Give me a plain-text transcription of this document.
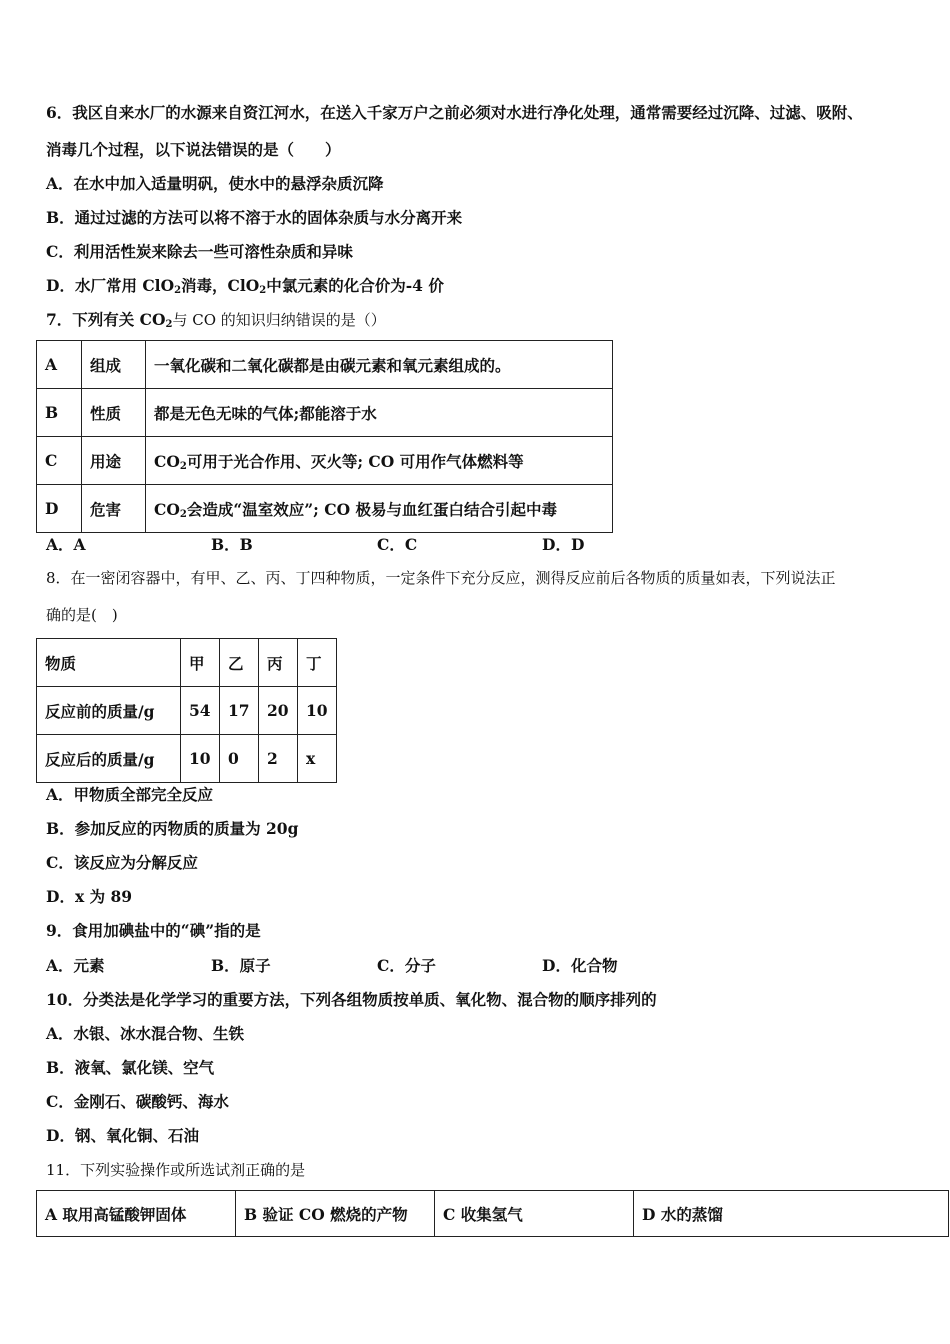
6．我区自来水厂的水源来自资江河水，在送入千家万户之前必须对水进行净化处理，通常需要经过沉降、过滤、吸附、
消毒几个过程，以下说法错误的是（　　）
A．在水中加入适量明矾，使水中的悬浮杂质沉降
B．通过过滤的方法可以将不溶于水的固体杂质与水分离开来
C．利用活性炭来除去一些可溶性杂质和异味
D．水厂常用 ClO$_2$消毒，ClO$_2$中氯元素的化合价为-4 价
7．下列有关 $CO_2$与 CO 的知识归纳错误的是（）
A	组成	一氧化碳和二氧化碳都是由碳元素和氧元素组成的。
B	性质	都是无色无味的气体;都能溶于水
C	用途	$CO_2$可用于光合作用、灭火等; CO 可用作气体燃料等
D	危害	$CO_2$会造成“温室效应”; CO 极易与血红蛋白结合引起中毒
A．A	B．B	C．C	D．D
8．在一密闭容器中，有甲、乙、丙、丁四种物质，一定条件下充分反应，测得反应前后各物质的质量如表，下列说法正
确的是(　)
物质	甲	乙	丙	丁
反应前的质量/g	54	17	20	10
反应后的质量/g	10	0	2	x
A．甲物质全部完全反应
B．参加反应的丙物质的质量为 20g
C．该反应为分解反应
D．x 为 89
9．食用加碘盐中的“碘”指的是
A．元素	B．原子	C．分子	D．化合物
10．分类法是化学学习的重要方法，下列各组物质按单质、氧化物、混合物的顺序排列的
A．水银、冰水混合物、生铁
B．液氧、氯化镁、空气
C．金刚石、碳酸钙、海水
D．钢、氧化铜、石油
11．下列实验操作或所选试剂正确的是
A 取用高锰酸钾固体	B 验证 CO 燃烧的产物	C 收集氢气	D 水的蒸馏
